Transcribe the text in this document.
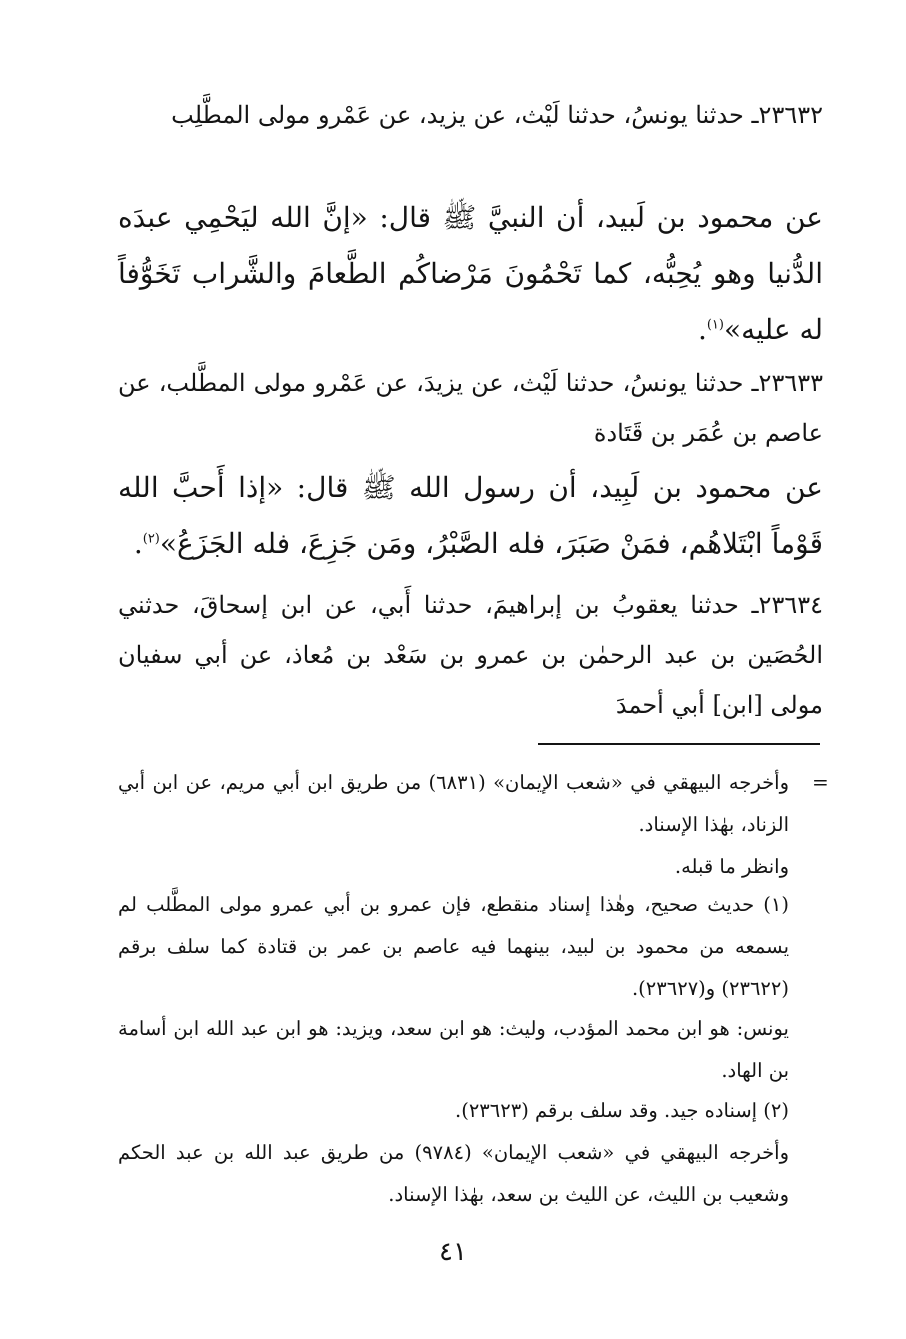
٢٣٦٣٢ـ حدثنا يونسُ، حدثنا لَيْث، عن يزيد، عن عَمْرو مولى المطَّلِب

عن محمود بن لَبيد، أن النبيَّ ﷺ قال: «إنَّ الله ليَحْمِي عبدَه الدُّنيا وهو يُحِبُّه، كما تَحْمُونَ مَرْضاكُم الطَّعامَ والشَّراب تَخَوُّفاً له عليه»$^{(١)}$.

٢٣٦٣٣ـ حدثنا يونسُ، حدثنا لَيْث، عن يزيدَ، عن عَمْرو مولى المطَّلب، عن عاصم بن عُمَر بن قَتَادة

عن محمود بن لَبِيد، أن رسول الله ﷺ قال: «إذا أَحبَّ الله قَوْماً ابْتَلاهُم، فمَنْ صَبَرَ، فله الصَّبْرُ، ومَن جَزِعَ، فله الجَزَعُ»$^{(٢)}$.

٢٣٦٣٤ـ حدثنا يعقوبُ بن إبراهيمَ، حدثنا أَبي، عن ابن إسحاقَ، حدثني الحُصَين بن عبد الرحمٰن بن عمرو بن سَعْد بن مُعاذ، عن أبي سفيان مولى [ابن] أبي أحمدَ

=

وأخرجه البيهقي في «شعب الإيمان» (٦٨٣١) من طريق ابن أبي مريم، عن ابن أبي الزناد، بهٰذا الإسناد.

وانظر ما قبله.

(١) حديث صحيح، وهٰذا إسناد منقطع، فإن عمرو بن أبي عمرو مولى المطَّلب لم يسمعه من محمود بن لبيد، بينهما فيه عاصم بن عمر بن قتادة كما سلف برقم (٢٣٦٢٢) و(٢٣٦٢٧).

يونس: هو ابن محمد المؤدب، وليث: هو ابن سعد، ويزيد: هو ابن عبد الله ابن أسامة بن الهاد.

(٢) إسناده جيد. وقد سلف برقم (٢٣٦٢٣).

وأخرجه البيهقي في «شعب الإيمان» (٩٧٨٤) من طريق عبد الله بن عبد الحكم وشعيب بن الليث، عن الليث بن سعد، بهٰذا الإسناد.

٤١
